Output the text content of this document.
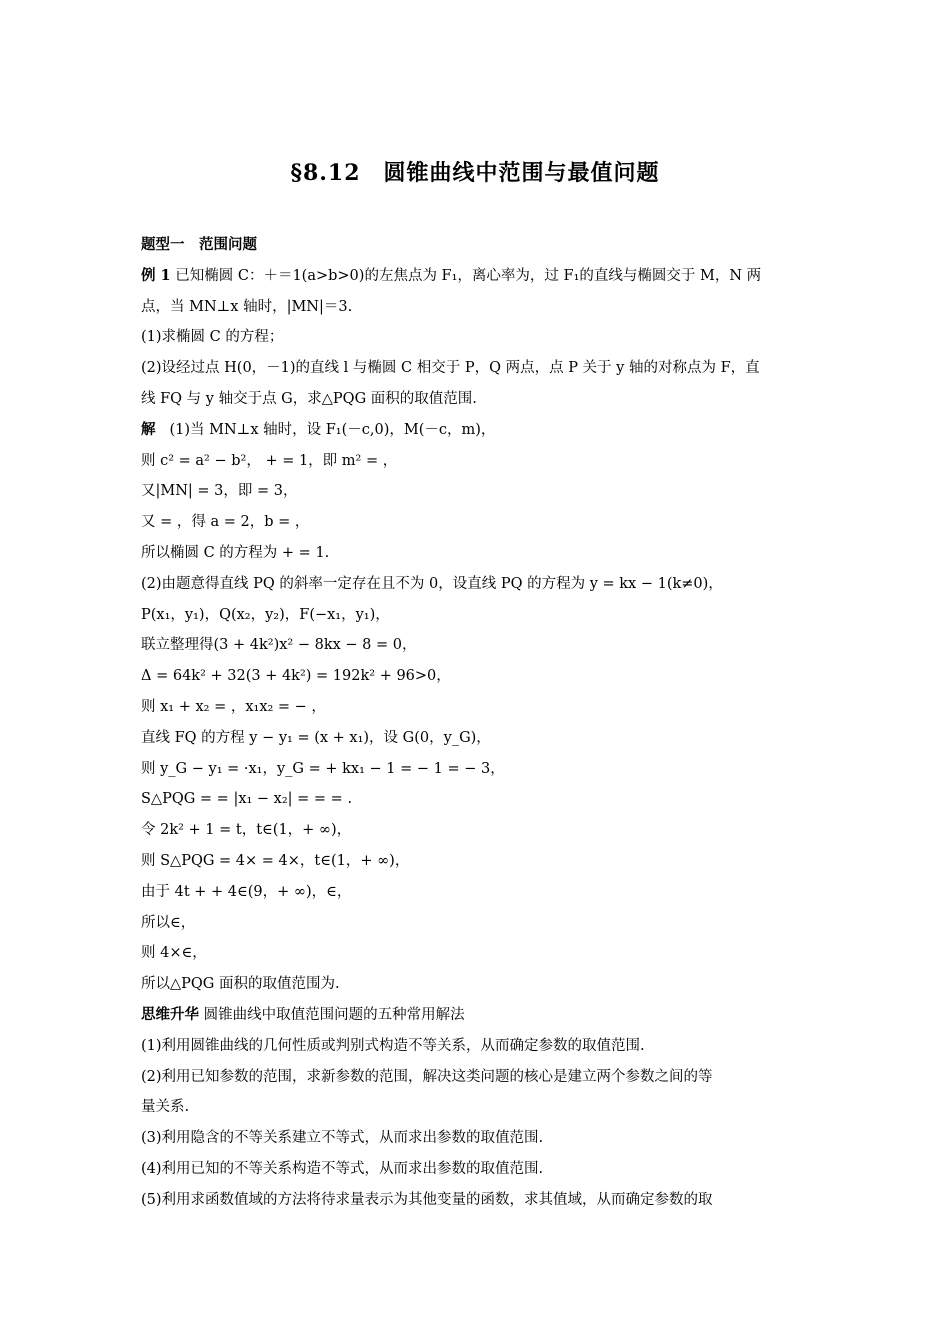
§8.12　圆锥曲线中范围与最值问题
题型一　范围问题
例 1 已知椭圆 C：＋＝1(a>b>0)的左焦点为 F₁，离心率为，过 F₁的直线与椭圆交于 M，N 两
点，当 MN⊥x 轴时，|MN|＝3.
(1)求椭圆 C 的方程；
(2)设经过点 H(0，－1)的直线 l 与椭圆 C 相交于 P，Q 两点，点 P 关于 y 轴的对称点为 F，直
线 FQ 与 y 轴交于点 G，求△PQG 面积的取值范围.
解 (1)当 MN⊥x 轴时，设 F₁(－c,0)，M(－c，m)，
则 c² = a² − b²， + = 1，即 m² = ，
又|MN| = 3，即 = 3，
又 = ，得 a = 2，b = ，
所以椭圆 C 的方程为 + = 1.
(2)由题意得直线 PQ 的斜率一定存在且不为 0，设直线 PQ 的方程为 y = kx − 1(k≠0)，
P(x₁，y₁)，Q(x₂，y₂)，F(−x₁，y₁)，
联立整理得(3 + 4k²)x² − 8kx − 8 = 0，
Δ = 64k² + 32(3 + 4k²) = 192k² + 96>0，
则 x₁ + x₂ = ，x₁x₂ = − ，
直线 FQ 的方程 y − y₁ = (x + x₁)，设 G(0，y_G)，
则 y_G − y₁ = ·x₁，y_G = + kx₁ − 1 = − 1 = − 3，
S△PQG = = |x₁ − x₂| = = = .
令 2k² + 1 = t，t∈(1，+ ∞)，
则 S△PQG = 4× = 4×，t∈(1，+ ∞)，
由于 4t + + 4∈(9，+ ∞)，∈，
所以∈，
则 4×∈，
所以△PQG 面积的取值范围为.
思维升华 圆锥曲线中取值范围问题的五种常用解法
(1)利用圆锥曲线的几何性质或判别式构造不等关系，从而确定参数的取值范围.
(2)利用已知参数的范围，求新参数的范围，解决这类问题的核心是建立两个参数之间的等
量关系.
(3)利用隐含的不等关系建立不等式，从而求出参数的取值范围.
(4)利用已知的不等关系构造不等式，从而求出参数的取值范围.
(5)利用求函数值域的方法将待求量表示为其他变量的函数，求其值域，从而确定参数的取
